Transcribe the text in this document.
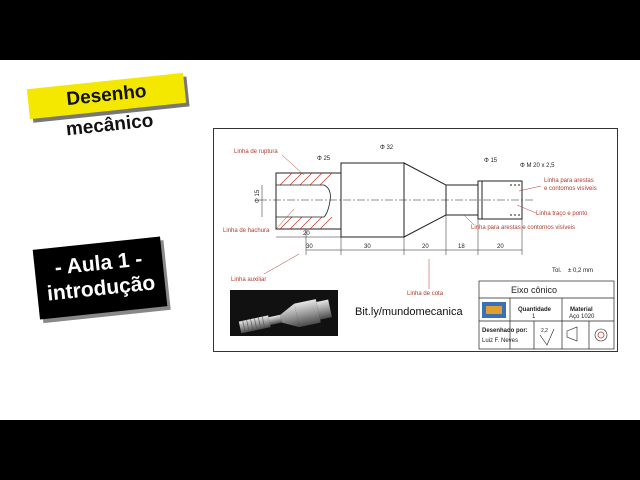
Desenho mecânico
- Aula 1 -
introdução
Linha de ruptura
Linha de hachura
Linha auxiliar
Linha de cota
Linha para arestas
e contornos visíveis
Linha traço e ponto
Linha para arestas e contornos visíveis
Φ 25
Φ 32
Φ 15
Φ M 20 x 2,5
Φ 15
20
30	30	20	18	20
Tol. ± 0,2 mm
Eixo cônico
Quantidade
1
Material
Aço 1020
Desenhado por:
Luiz F. Neves
2,2
Bit.ly/mundomecanica
